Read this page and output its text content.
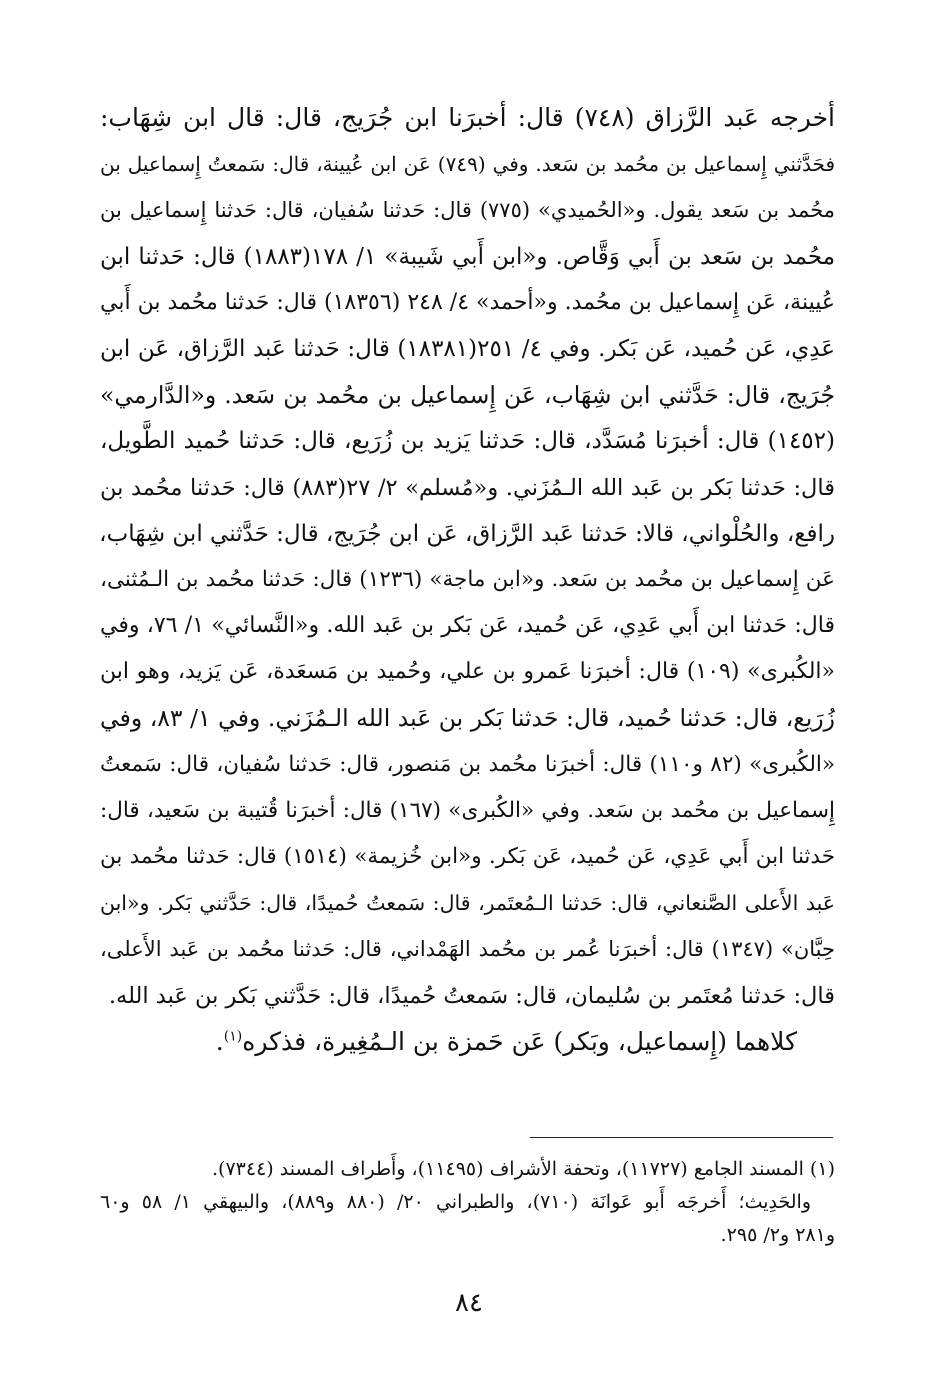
أخرجه عَبد الرَّزاق (٧٤٨) قال: أخبرَنا ابن جُرَيج، قال: قال ابن شِهَاب:
فحَدَّثني إِسماعيل بن محُمد بن سَعد. وفي (٧٤٩) عَن ابن عُيينة، قال: سَمعتُ إِسماعيل بن
محُمد بن سَعد يقول. و«الحُميدي» (٧٧٥) قال: حَدثنا سُفيان، قال: حَدثنا إِسماعيل بن
محُمد بن سَعد بن أَبي وَقَّاص. و«ابن أَبي شَيبة» ١/ ١٧٨(١٨٨٣) قال: حَدثنا ابن
عُيينة، عَن إِسماعيل بن محُمد. و«أحمد» ٤/ ٢٤٨ (١٨٣٥٦) قال: حَدثنا محُمد بن أَبي
عَدِي، عَن حُميد، عَن بَكر. وفي ٤/ ٢٥١(١٨٣٨١) قال: حَدثنا عَبد الرَّزاق، عَن ابن
جُرَيج، قال: حَدَّثني ابن شِهَاب، عَن إِسماعيل بن محُمد بن سَعد. و«الدَّارمي»
(١٤٥٢) قال: أخبرَنا مُسَدَّد، قال: حَدثنا يَزيد بن زُرَيع، قال: حَدثنا حُميد الطَّويل،
قال: حَدثنا بَكر بن عَبد الله الـمُزَني. و«مُسلم» ٢/ ٢٧(٨٨٣) قال: حَدثنا محُمد بن
رافع، والحُلْواني، قالا: حَدثنا عَبد الرَّزاق، عَن ابن جُرَيج، قال: حَدَّثني ابن شِهَاب،
عَن إِسماعيل بن محُمد بن سَعد. و«ابن ماجة» (١٢٣٦) قال: حَدثنا محُمد بن الـمُثنى،
قال: حَدثنا ابن أَبي عَدِي، عَن حُميد، عَن بَكر بن عَبد الله. و«النَّسائي» ١/ ٧٦، وفي
«الكُبرى» (١٠٩) قال: أخبرَنا عَمرو بن علي، وحُميد بن مَسعَدة، عَن يَزيد، وهو ابن
زُرَيع، قال: حَدثنا حُميد، قال: حَدثنا بَكر بن عَبد الله الـمُزَني. وفي ١/ ٨٣، وفي
«الكُبرى» (٨٢ و١١٠) قال: أخبرَنا محُمد بن مَنصور، قال: حَدثنا سُفيان، قال: سَمعتُ
إِسماعيل بن محُمد بن سَعد. وفي «الكُبرى» (١٦٧) قال: أخبرَنا قُتيبة بن سَعيد، قال:
حَدثنا ابن أَبي عَدِي، عَن حُميد، عَن بَكر. و«ابن خُزيمة» (١٥١٤) قال: حَدثنا محُمد بن
عَبد الأَعلى الصَّنعاني، قال: حَدثنا الـمُعتَمر، قال: سَمعتُ حُميدًا، قال: حَدَّثني بَكر. و«ابن
حِبَّان» (١٣٤٧) قال: أخبرَنا عُمر بن محُمد الهَمْداني، قال: حَدثنا محُمد بن عَبد الأَعلى،
قال: حَدثنا مُعتَمر بن سُليمان، قال: سَمعتُ حُميدًا، قال: حَدَّثني بَكر بن عَبد الله.
كلاهما (إِسماعيل، وبَكر) عَن حَمزة بن الـمُغِيرة، فذكره$^{(١)}$.
(١) المسند الجامع (١١٧٢٧)، وتحفة الأشراف (١١٤٩٥)، وأَطراف المسند (٧٣٤٤).
والحَدِيث؛ أَخرجَه أَبو عَوانَة (٧١٠)، والطبراني ٢٠/ (٨٨٠ و٨٨٩)، والبيهقي ١/ ٥٨ و٦٠
و٢٨١ و٢/ ٢٩٥.
٨٤
